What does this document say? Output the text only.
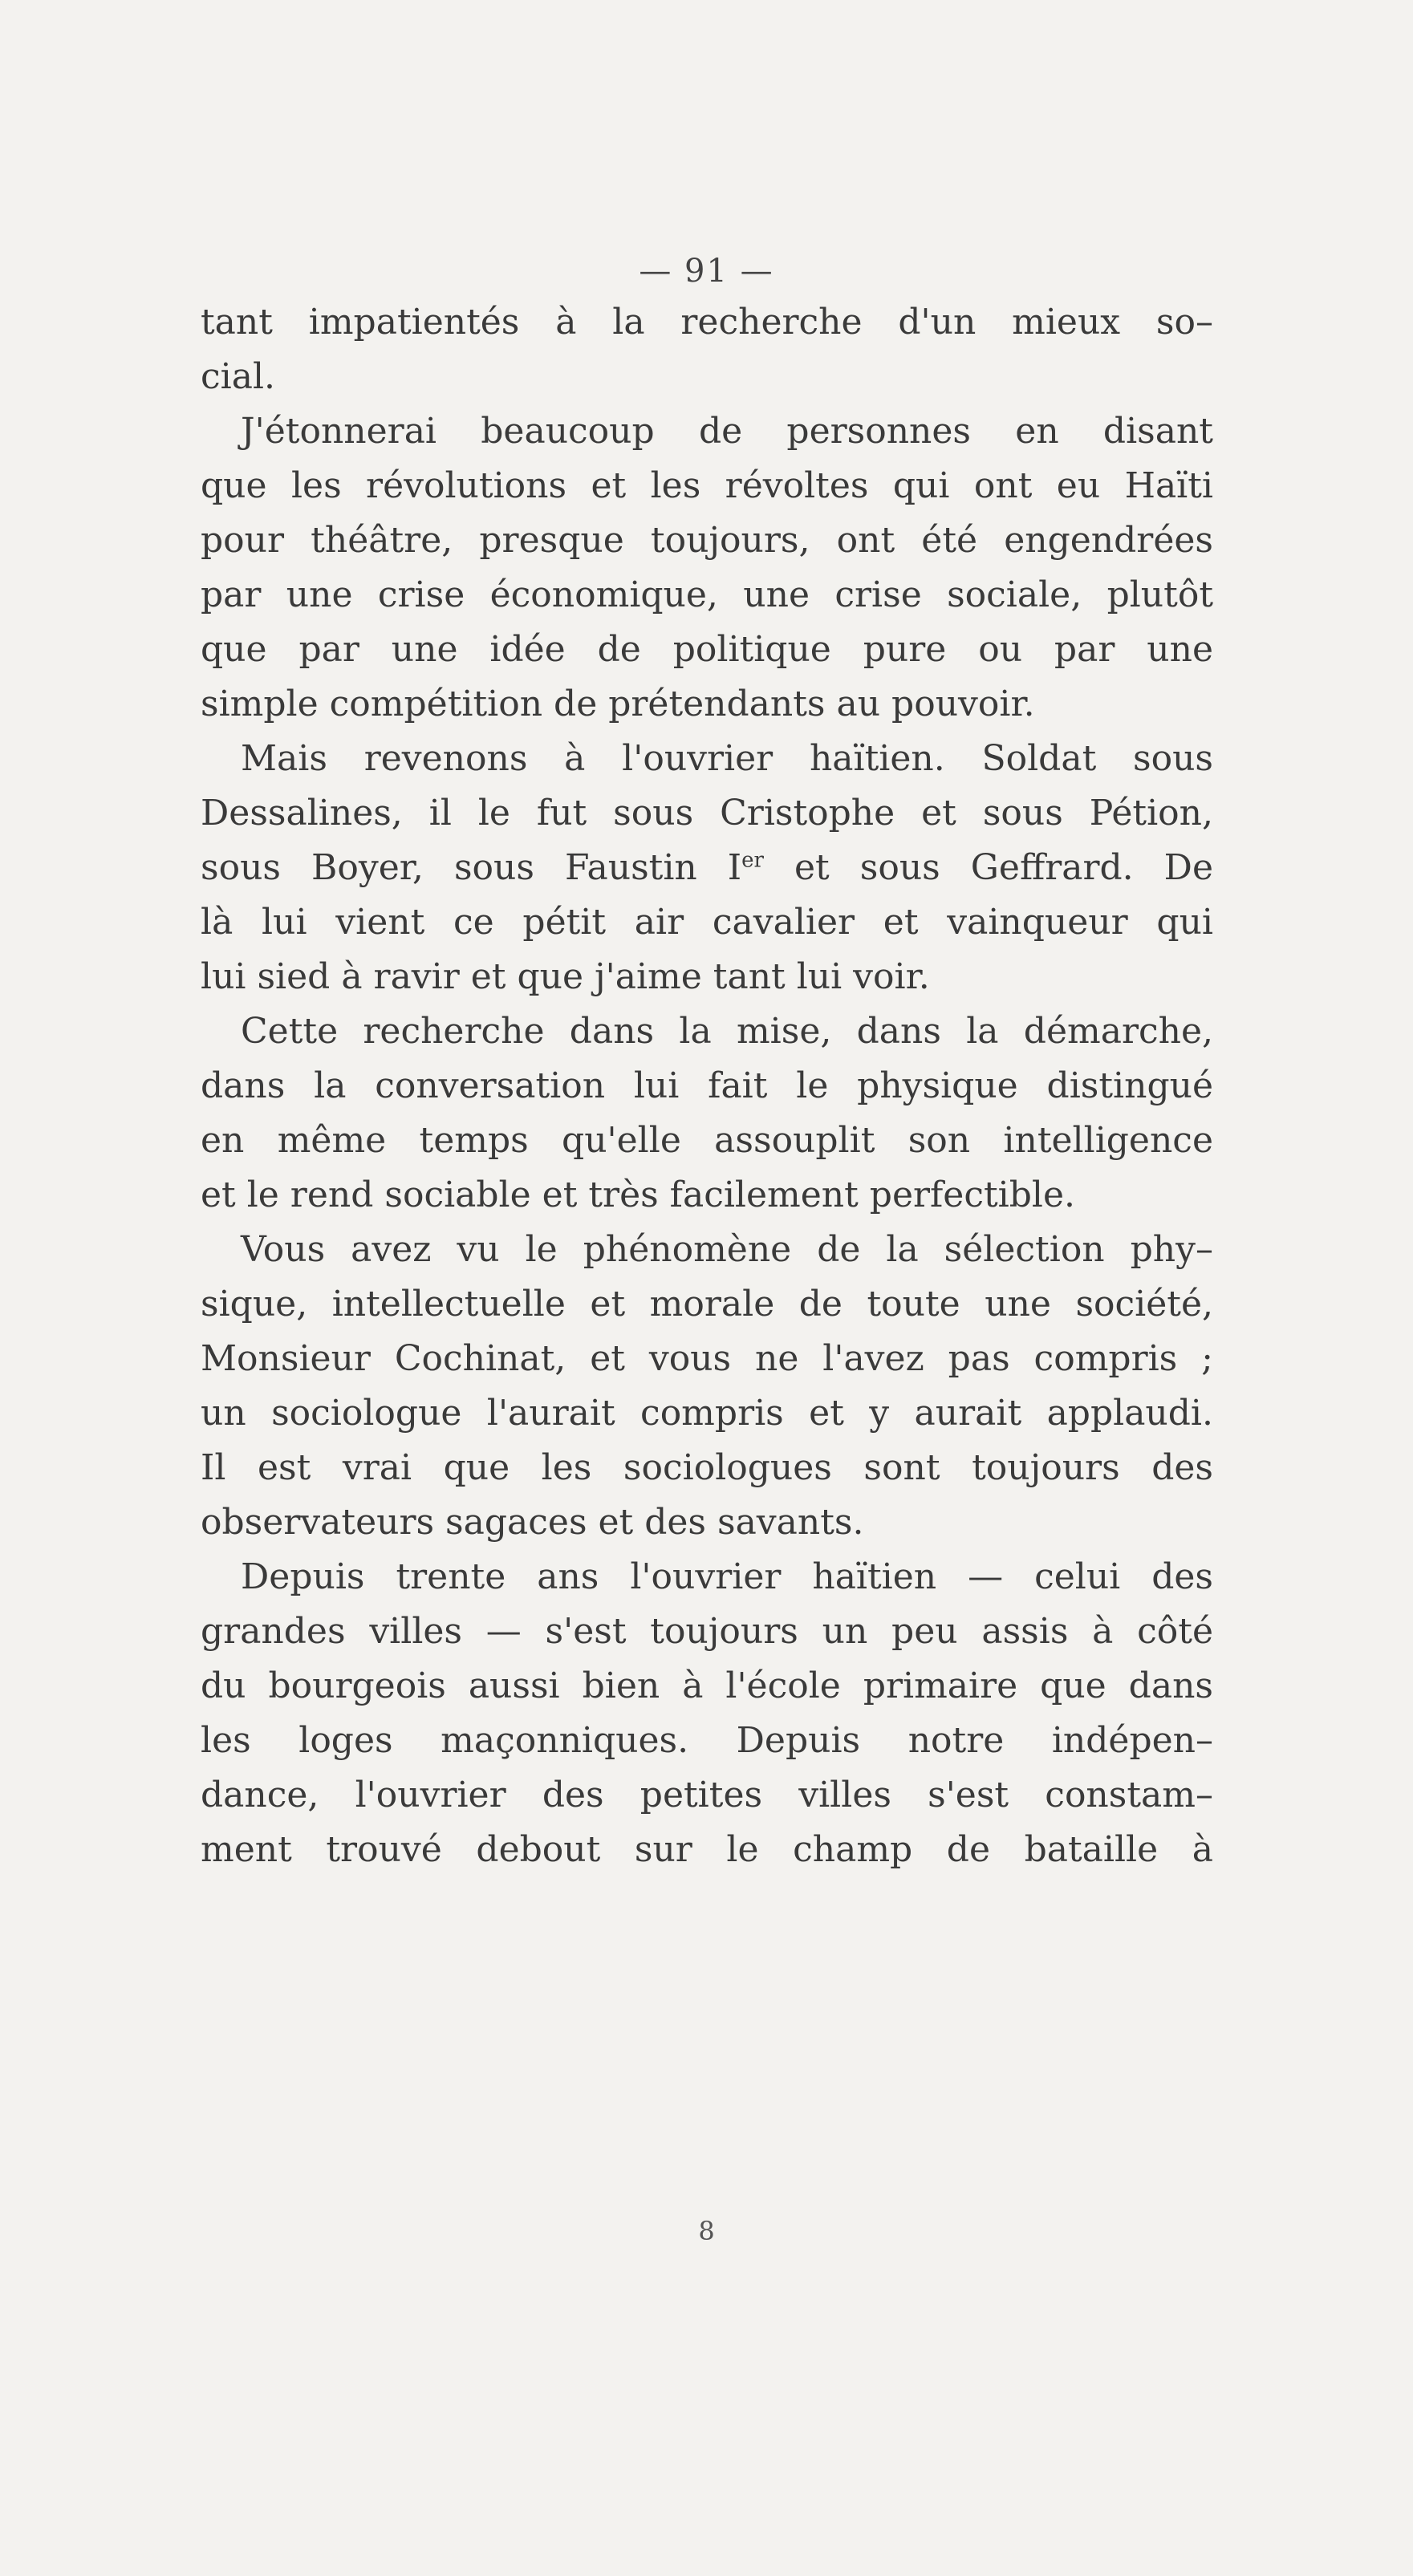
— 91 —
tant impatientés à la recherche d'un mieux so–
cial.
J'étonnerai beaucoup de personnes en disant
que les révolutions et les révoltes qui ont eu Haïti
pour théâtre, presque toujours, ont été engendrées
par une crise économique, une crise sociale, plutôt
que par une idée de politique pure ou par une
simple compétition de prétendants au pouvoir.
Mais revenons à l'ouvrier haïtien. Soldat sous
Dessalines, il le fut sous Cristophe et sous Pétion,
sous Boyer, sous Faustin Ier et sous Geffrard. De
là lui vient ce pétit air cavalier et vainqueur qui
lui sied à ravir et que j'aime tant lui voir.
Cette recherche dans la mise, dans la démarche,
dans la conversation lui fait le physique distingué
en même temps qu'elle assouplit son intelligence
et le rend sociable et très facilement perfectible.
Vous avez vu le phénomène de la sélection phy–
sique, intellectuelle et morale de toute une société,
Monsieur Cochinat, et vous ne l'avez pas compris ;
un sociologue l'aurait compris et y aurait applaudi.
Il est vrai que les sociologues sont toujours des
observateurs sagaces et des savants.
Depuis trente ans l'ouvrier haïtien — celui des
grandes villes — s'est toujours un peu assis à côté
du bourgeois aussi bien à l'école primaire que dans
les loges maçonniques. Depuis notre indépen–
dance, l'ouvrier des petites villes s'est constam–
ment trouvé debout sur le champ de bataille à
8
